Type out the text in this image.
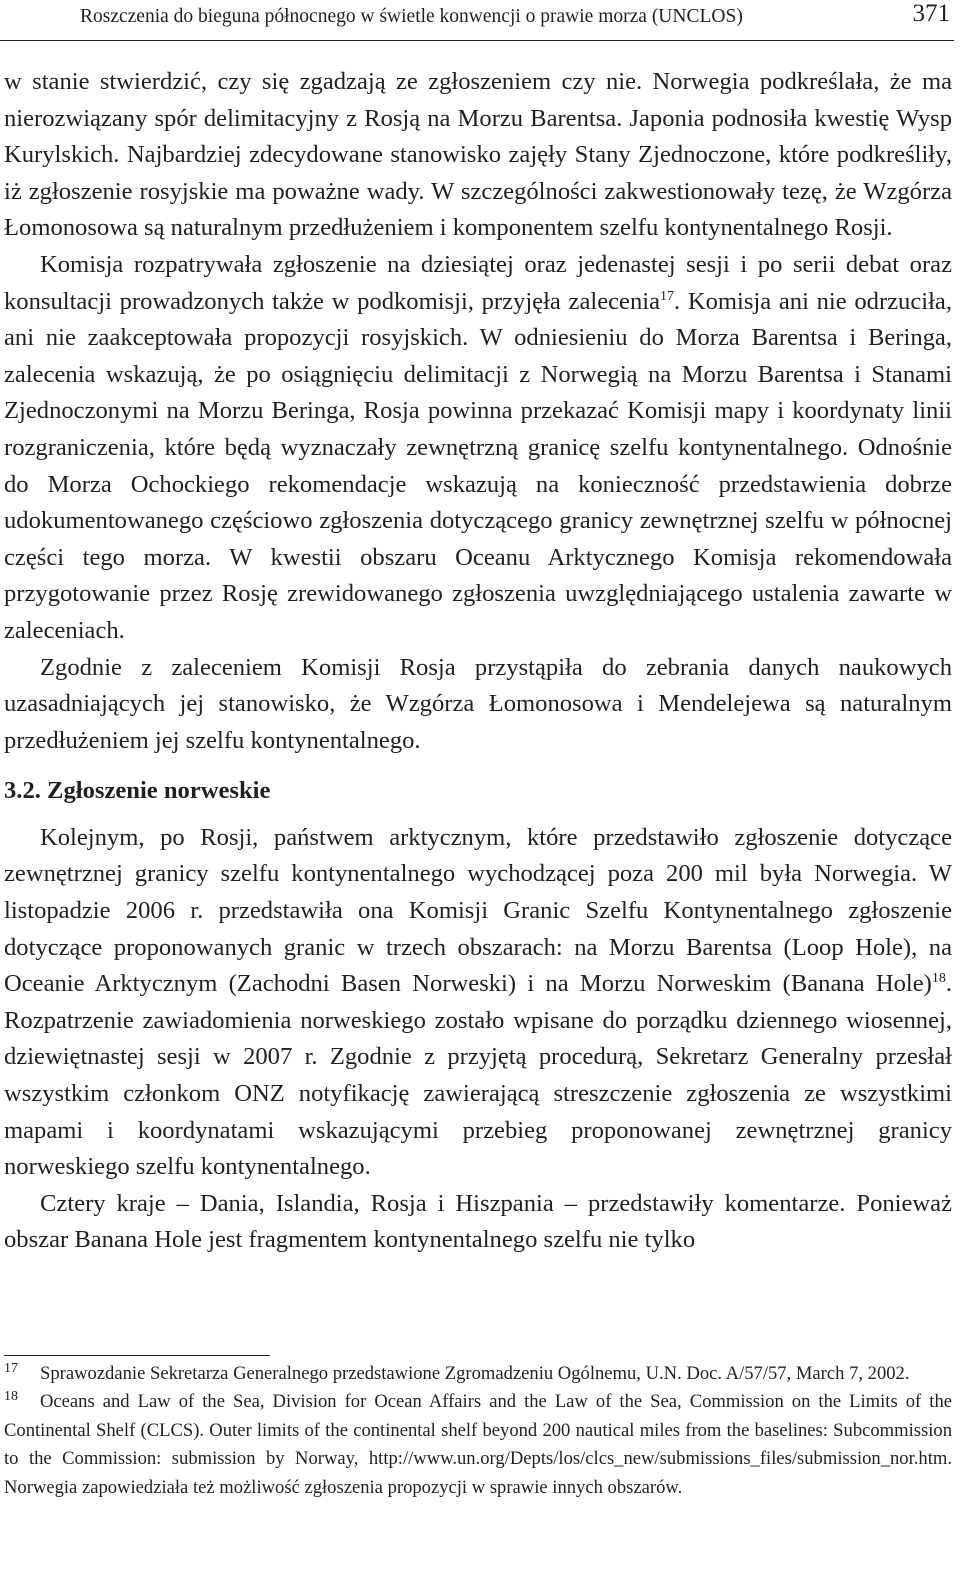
Roszczenia do bieguna północnego w świetle konwencji o prawie morza (UNCLOS)	371

w stanie stwierdzić, czy się zgadzają ze zgłoszeniem czy nie. Norwegia podkreślała, że ma nierozwiązany spór delimitacyjny z Rosją na Morzu Barentsa. Japonia podnosiła kwestię Wysp Kurylskich. Najbardziej zdecydowane stanowisko zajęły Stany Zjednoczone, które podkreśliły, iż zgłoszenie rosyjskie ma poważne wady. W szczególności zakwestionowały tezę, że Wzgórza Łomonosowa są naturalnym przedłużeniem i komponentem szelfu kontynentalnego Rosji.

Komisja rozpatrywała zgłoszenie na dziesiątej oraz jedenastej sesji i po serii debat oraz konsultacji prowadzonych także w podkomisji, przyjęła zalecenia$^{17}$. Komisja ani nie odrzuciła, ani nie zaakceptowała propozycji rosyjskich. W odniesieniu do Morza Barentsa i Beringa, zalecenia wskazują, że po osiągnięciu delimitacji z Norwegią na Morzu Barentsa i Stanami Zjednoczonymi na Morzu Beringa, Rosja powinna przekazać Komisji mapy i koordynaty linii rozgraniczenia, które będą wyznaczały zewnętrzną granicę szelfu kontynentalnego. Odnośnie do Morza Ochockiego rekomendacje wskazują na konieczność przedstawienia dobrze udokumentowanego częściowo zgłoszenia dotyczącego granicy zewnętrznej szelfu w północnej części tego morza. W kwestii obszaru Oceanu Arktycznego Komisja rekomendowała przygotowanie przez Rosję zrewidowanego zgłoszenia uwzględniającego ustalenia zawarte w zaleceniach.

Zgodnie z zaleceniem Komisji Rosja przystąpiła do zebrania danych naukowych uzasadniających jej stanowisko, że Wzgórza Łomonosowa i Mendelejewa są naturalnym przedłużeniem jej szelfu kontynentalnego.

3.2. Zgłoszenie norweskie

Kolejnym, po Rosji, państwem arktycznym, które przedstawiło zgłoszenie dotyczące zewnętrznej granicy szelfu kontynentalnego wychodzącej poza 200 mil była Norwegia. W listopadzie 2006 r. przedstawiła ona Komisji Granic Szelfu Kontynentalnego zgłoszenie dotyczące proponowanych granic w trzech obszarach: na Morzu Barentsa (Loop Hole), na Oceanie Arktycznym (Zachodni Basen Norweski) i na Morzu Norweskim (Banana Hole)$^{18}$. Rozpatrzenie zawiadomienia norweskiego zostało wpisane do porządku dziennego wiosennej, dziewiętnastej sesji w 2007 r. Zgodnie z przyjętą procedurą, Sekretarz Generalny przesłał wszystkim członkom ONZ notyfikację zawierającą streszczenie zgłoszenia ze wszystkimi mapami i koordynatami wskazującymi przebieg proponowanej zewnętrznej granicy norweskiego szelfu kontynentalnego.

Cztery kraje – Dania, Islandia, Rosja i Hiszpania – przedstawiły komentarze. Ponieważ obszar Banana Hole jest fragmentem kontynentalnego szelfu nie tylko

$^{17}$ Sprawozdanie Sekretarza Generalnego przedstawione Zgromadzeniu Ogólnemu, U.N. Doc. A/57/57, March 7, 2002.

$^{18}$ Oceans and Law of the Sea, Division for Ocean Affairs and the Law of the Sea, Commission on the Limits of the Continental Shelf (CLCS). Outer limits of the continental shelf beyond 200 nautical miles from the baselines: Subcommission to the Commission: submission by Norway, http://www.un.org/Depts/los/clcs_new/submissions_files/submission_nor.htm. Norwegia zapowiedziała też możliwość zgłoszenia propozycji w sprawie innych obszarów.
